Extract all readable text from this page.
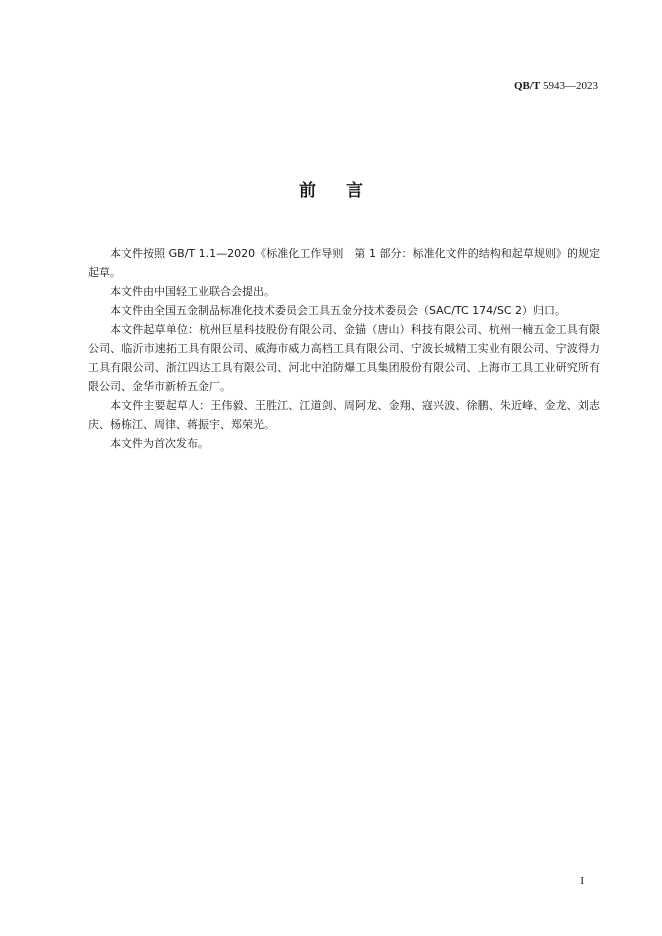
QB/T 5943—2023
前言

本文件按照 GB/T 1.1—2020《标准化工作导则　第 1 部分：标准化文件的结构和起草规则》的规定起草。

本文件由中国轻工业联合会提出。

本文件由全国五金制品标准化技术委员会工具五金分技术委员会（SAC/TC 174/SC 2）归口。

本文件起草单位：杭州巨星科技股份有限公司、金锚（唐山）科技有限公司、杭州一楠五金工具有限公司、临沂市速拓工具有限公司、威海市威力高档工具有限公司、宁波长城精工实业有限公司、宁波得力工具有限公司、浙江四达工具有限公司、河北中泊防爆工具集团股份有限公司、上海市工具工业研究所有限公司、金华市新桥五金厂。

本文件主要起草人：王伟毅、王胜江、江道剑、周阿龙、金翔、寇兴波、徐鹏、朱近峰、金龙、刘志庆、杨栋江、周律、蒋振宇、郑荣光。

本文件为首次发布。

I
